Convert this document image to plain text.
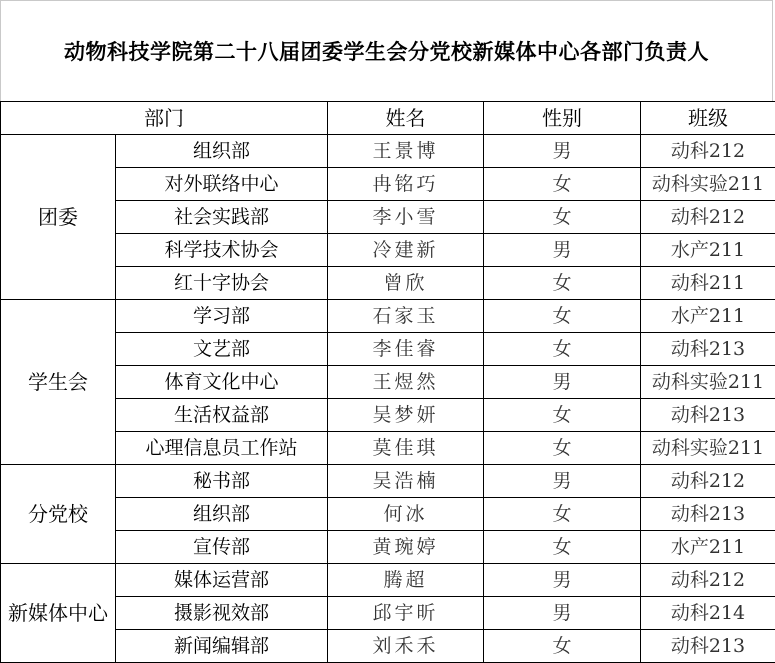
动物科技学院第二十八届团委学生会分党校新媒体中心各部门负责人
部门		姓名	性别	班级
团委	组织部	王景博	男	动科212
	对外联络中心	冉铭巧	女	动科实验211
	社会实践部	李小雪	女	动科212
	科学技术协会	冷建新	男	水产211
	红十字协会	曾欣	女	动科211
学生会	学习部	石家玉	女	水产211
	文艺部	李佳睿	女	动科213
	体育文化中心	王煜然	男	动科实验211
	生活权益部	吴梦妍	女	动科213
	心理信息员工作站	莫佳琪	女	动科实验211
分党校	秘书部	吴浩楠	男	动科212
	组织部	何冰	女	动科213
	宣传部	黄琬婷	女	水产211
新媒体中心	媒体运营部	腾超	男	动科212
	摄影视效部	邱宇昕	男	动科214
	新闻编辑部	刘禾禾	女	动科213
